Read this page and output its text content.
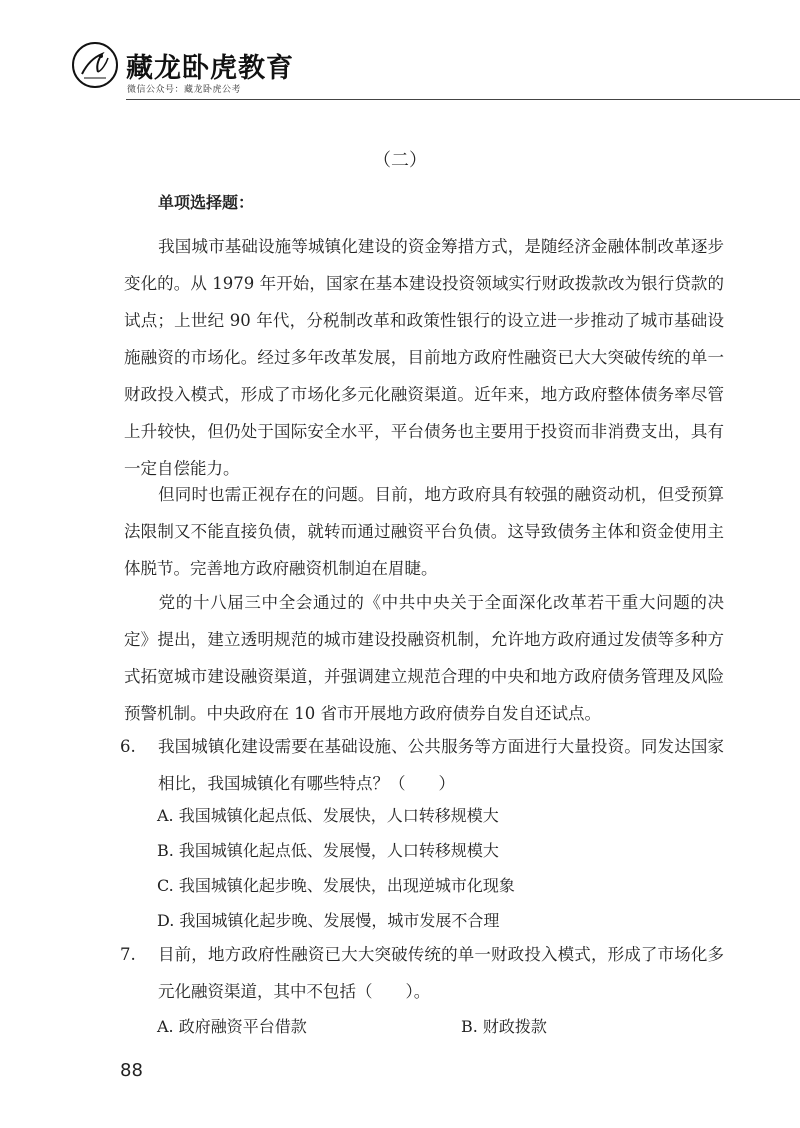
藏龙卧虎教育
微信公众号：藏龙卧虎公考
（二）
单项选择题：
我国城市基础设施等城镇化建设的资金筹措方式，是随经济金融体制改革逐步变化的。从 1979 年开始，国家在基本建设投资领域实行财政拨款改为银行贷款的试点；上世纪 90 年代，分税制改革和政策性银行的设立进一步推动了城市基础设施融资的市场化。经过多年改革发展，目前地方政府性融资已大大突破传统的单一财政投入模式，形成了市场化多元化融资渠道。近年来，地方政府整体债务率尽管上升较快，但仍处于国际安全水平，平台债务也主要用于投资而非消费支出，具有一定自偿能力。
但同时也需正视存在的问题。目前，地方政府具有较强的融资动机，但受预算法限制又不能直接负债，就转而通过融资平台负债。这导致债务主体和资金使用主体脱节。完善地方政府融资机制迫在眉睫。
党的十八届三中全会通过的《中共中央关于全面深化改革若干重大问题的决定》提出，建立透明规范的城市建设投融资机制，允许地方政府通过发债等多种方式拓宽城市建设融资渠道，并强调建立规范合理的中央和地方政府债务管理及风险预警机制。中央政府在 10 省市开展地方政府债券自发自还试点。
6. 我国城镇化建设需要在基础设施、公共服务等方面进行大量投资。同发达国家相比，我国城镇化有哪些特点？（　　）
A. 我国城镇化起点低、发展快，人口转移规模大
B. 我国城镇化起点低、发展慢，人口转移规模大
C. 我国城镇化起步晚、发展快，出现逆城市化现象
D. 我国城镇化起步晚、发展慢，城市发展不合理
7. 目前，地方政府性融资已大大突破传统的单一财政投入模式，形成了市场化多元化融资渠道，其中不包括（　　）。
A. 政府融资平台借款	B. 财政拨款
88
